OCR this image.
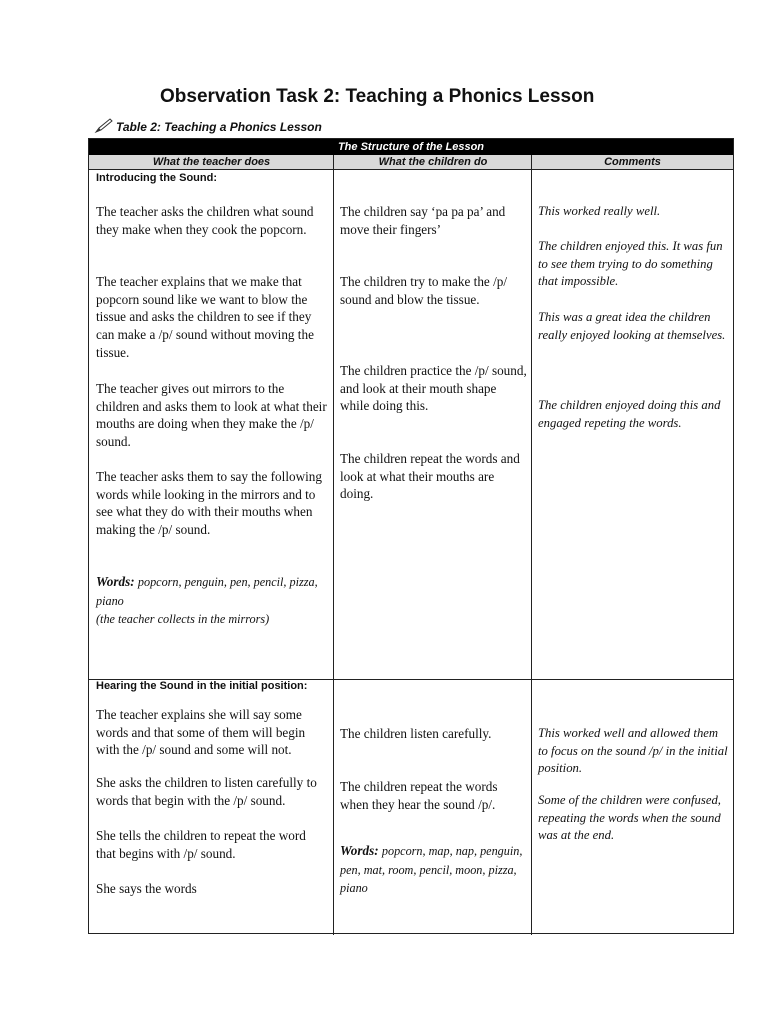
Observation Task 2: Teaching a Phonics Lesson
Table 2: Teaching a Phonics Lesson
The Structure of the Lesson
What the teacher does	What the children do	Comments
Introducing the Sound:
The teacher asks the children what sound they make when they cook the popcorn.
The teacher explains that we make that popcorn sound like we want to blow the tissue and asks the children to see if they can make a /p/ sound without moving the tissue.
The teacher gives out mirrors to the children and asks them to look at what their mouths are doing when they make the /p/ sound.
The teacher asks them to say the following words while looking in the mirrors and to see what they do with their mouths when making the /p/ sound.
Words: popcorn, penguin, pen, pencil, pizza, piano
(the teacher collects in the mirrors)
The children say ‘pa pa pa’ and move their fingers’
The children try to make the /p/ sound and blow the tissue.
The children practice the /p/ sound, and look at their mouth shape while doing this.
The children repeat the words and look at what their mouths are doing.
This worked really well.
The children enjoyed this. It was fun to see them trying to do something that impossible.
This was a great idea the children really enjoyed looking at themselves.
The children enjoyed doing this and engaged repeting the words.
Hearing the Sound in the initial position:
The teacher explains she will say some words and that some of them will begin with the /p/ sound and some will not.
She asks the children to listen carefully to words that begin with the /p/ sound.
She tells the children to repeat the word that begins with /p/ sound.
She says the words
The children listen carefully.
The children repeat the words when they hear the sound /p/.
Words: popcorn, map, nap, penguin, pen, mat, room, pencil, moon, pizza, piano
This worked well and allowed them to focus on the sound /p/ in the initial position.
Some of the children were confused, repeating the words when the sound was at the end.
